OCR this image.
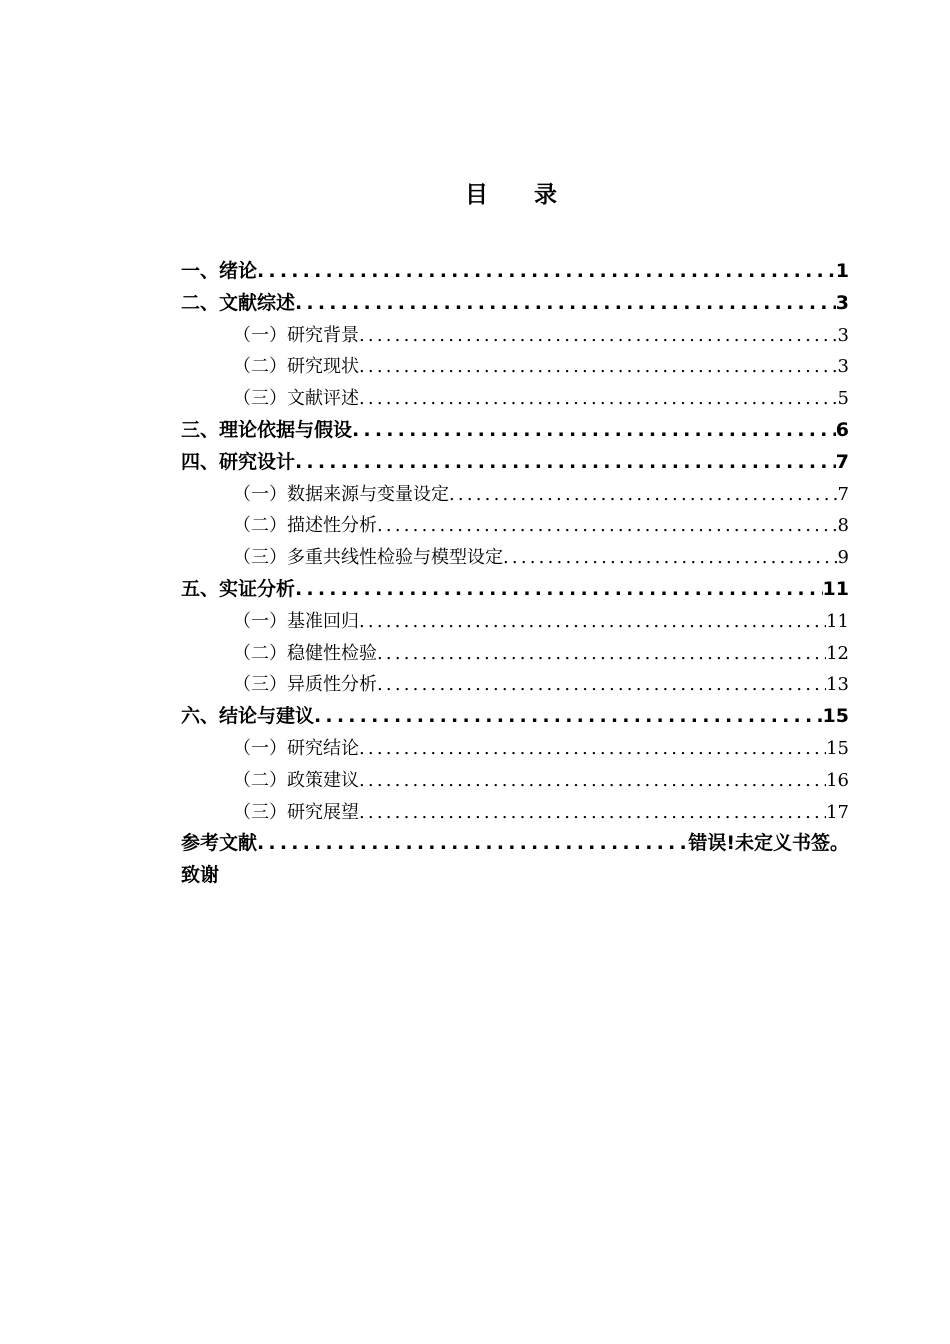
目　　录
一、绪论 .....	1
二、文献综述 .....	3
（一）研究背景 .....	3
（二）研究现状 .....	3
（三）文献评述 .....	5
三、理论依据与假设 .....	6
四、研究设计 .....	7
（一）数据来源与变量设定 .....	7
（二）描述性分析 .....	8
（三）多重共线性检验与模型设定 .....	9
五、实证分析 .....	11
（一）基准回归 .....	11
（二）稳健性检验 .....	12
（三）异质性分析 .....	13
六、结论与建议 .....	15
（一）研究结论 .....	15
（二）政策建议 .....	16
（三）研究展望 .....	17
参考文献 .....	错误!未定义书签。
致谢
